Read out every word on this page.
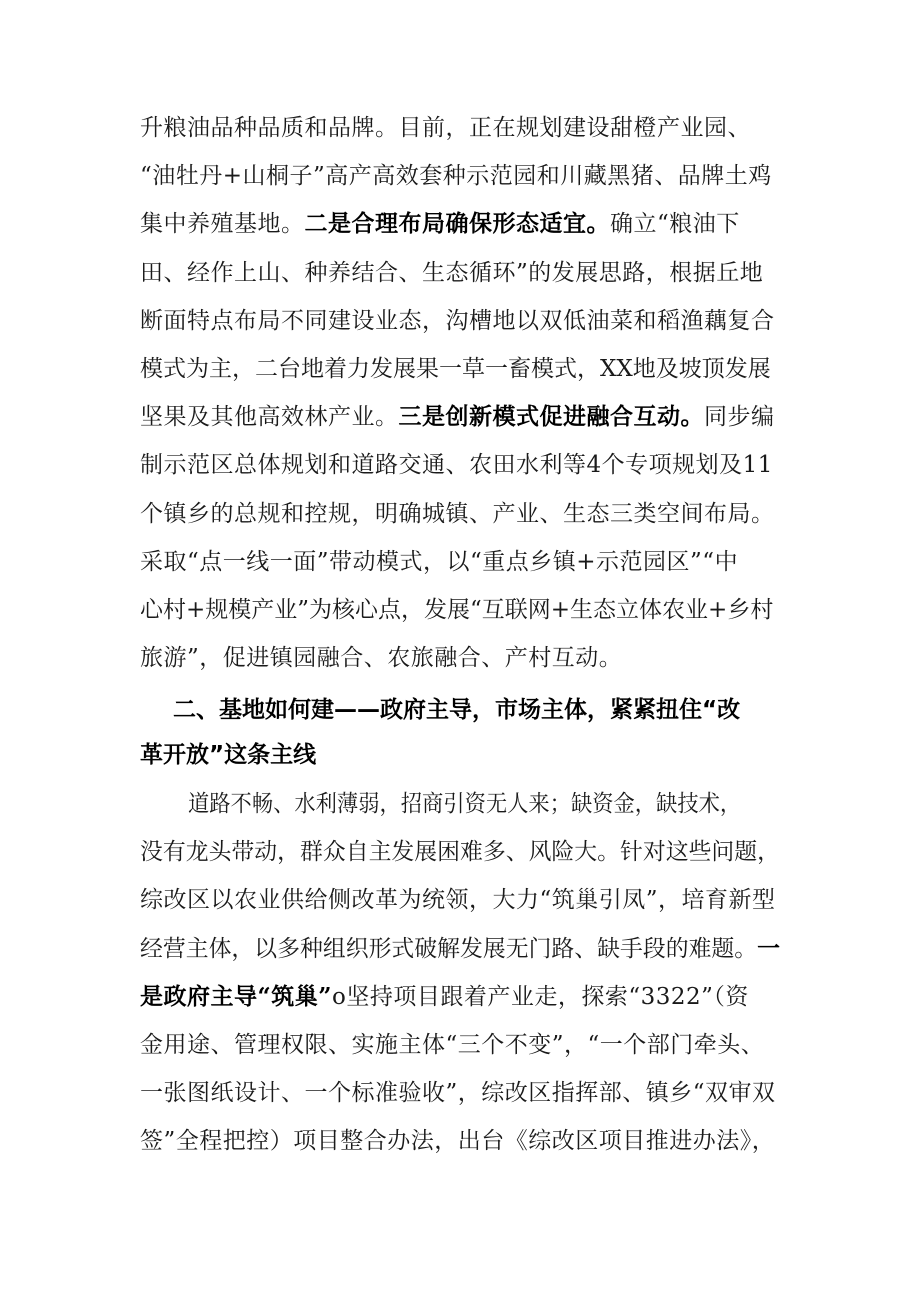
升粮油品种品质和品牌。目前，正在规划建设甜橙产业园、
“油牡丹+山桐子”高产高效套种示范园和川藏黑猪、品牌土鸡
集中养殖基地。二是合理布局确保形态适宜。确立“粮油下
田、经作上山、种养结合、生态循环”的发展思路，根据丘地
断面特点布局不同建设业态，沟槽地以双低油菜和稻渔藕复合
模式为主，二台地着力发展果一草一畜模式，XX地及坡顶发展
坚果及其他高效林产业。三是创新模式促进融合互动。同步编
制示范区总体规划和道路交通、农田水利等4个专项规划及11
个镇乡的总规和控规，明确城镇、产业、生态三类空间布局。
采取“点一线一面”带动模式，以“重点乡镇+示范园区”“中
心村+规模产业”为核心点，发展“互联网+生态立体农业+乡村
旅游”，促进镇园融合、农旅融合、产村互动。
二、基地如何建——政府主导，市场主体，紧紧扭住“改
革开放”这条主线
道路不畅、水利薄弱，招商引资无人来；缺资金，缺技术，
没有龙头带动，群众自主发展困难多、风险大。针对这些问题，
综改区以农业供给侧改革为统领，大力“筑巢引凤”，培育新型
经营主体，以多种组织形式破解发展无门路、缺手段的难题。一
是政府主导“筑巢”o坚持项目跟着产业走，探索“3322”（资
金用途、管理权限、实施主体“三个不变”，“一个部门牵头、
一张图纸设计、一个标准验收”，综改区指挥部、镇乡“双审双
签”全程把控）项目整合办法，出台《综改区项目推进办法》，
